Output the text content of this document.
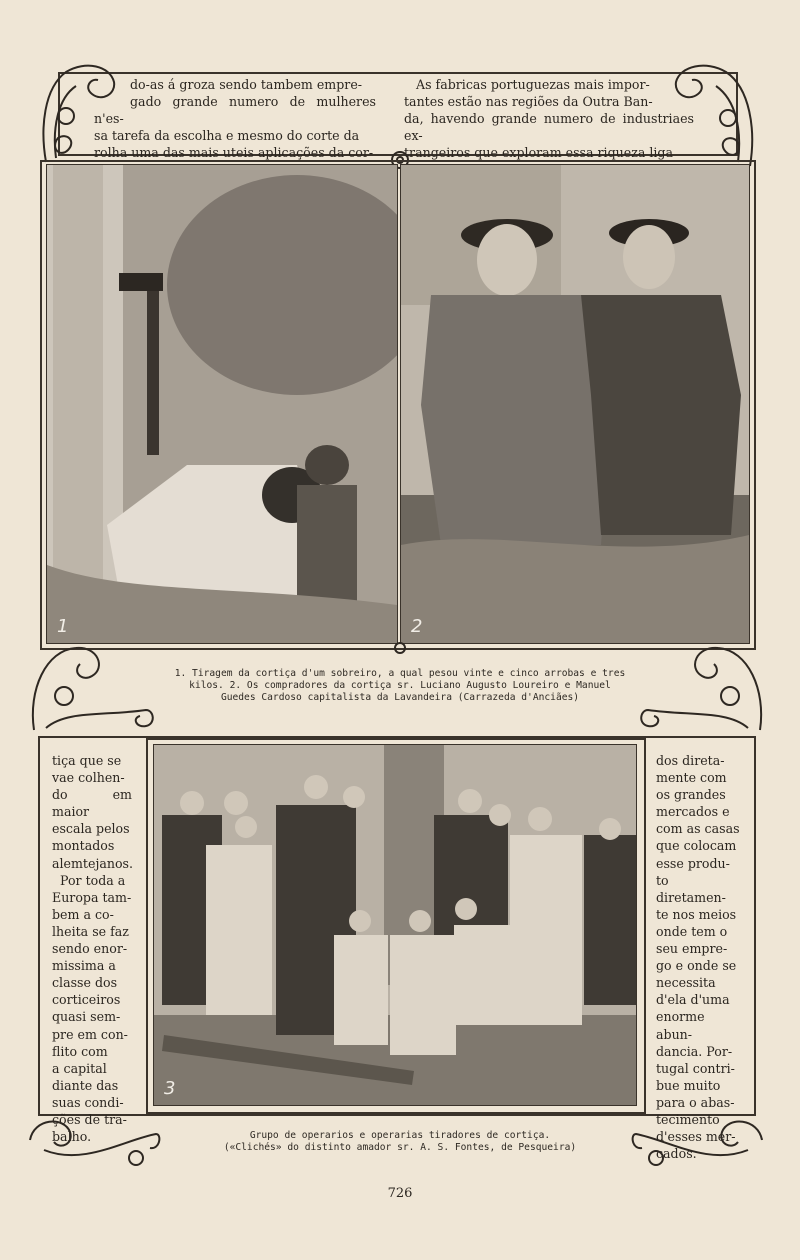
do-as á groza sendo tambem empre-

gado grande numero de mulheres n'es-

sa tarefa da escolha e mesmo do corte da

rolha uma das mais uteis aplicações da cor-

As fabricas portuguezas mais impor-

tantes estão nas regiões da Outra Ban-

da, havendo grande numero de industriaes ex-

trangeiros que exploram essa riqueza liga

1	2
1. Tiragem da cortiça d'um sobreiro, a qual pesou vinte e cinco arrobas e tres
kilos. 2. Os compradores da cortiça sr. Luciano Augusto Loureiro e Manuel
Guedes Cardoso capitalista da Lavandeira (Carrazeda d'Anciães)

tiça que se

vae colhen-

do em maior

escala pelos

montados

alemtejanos.

Por toda a

Europa tam-

bem a co-

lheita se faz

sendo enor-

missima a

classe dos

corticeiros

quasi sem-

pre em con-

flito com

a capital

diante das

suas condi-

ções de tra-

balho.

3

dos direta-

mente com

os grandes

mercados e

com as casas

que colocam

esse produ-

to diretamen-

te nos meios

onde tem o

seu empre-

go e onde se

necessita

d'ela d'uma

enorme abun-

dancia. Por-

tugal contri-

bue muito

para o abas-

tecimento

d'esses mer-

cados.

Grupo de operarios e operarias tiradores de cortiça.
(«Clichés» do distinto amador sr. A. S. Fontes, de Pesqueira)
726
